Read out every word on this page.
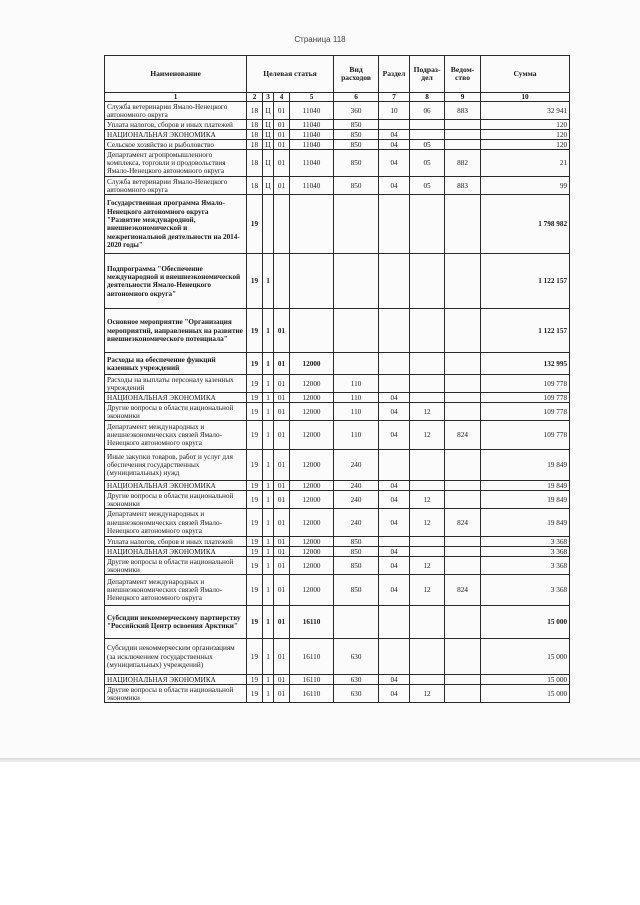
Страница 118
Наименование	Целевая статья				Вид расходов	Раздел	Подраз-дел	Ведом-ство	Сумма
1	2	3	4	5	6	7	8	9	10
Служба ветеринарии Ямало-Ненецкого автономного округа	18	Ц	01	11040	360	10	06	883	32 941
Уплата налогов, сборов и иных платежей	18	Ц	01	11040	850				120
НАЦИОНАЛЬНАЯ ЭКОНОМИКА	18	Ц	01	11040	850	04			120
Сельское хозяйство и рыболовство	18	Ц	01	11040	850	04	05		120
Департамент агропромышленного комплекса, торговли и продовольствия Ямало-Ненецкого автономного округа	18	Ц	01	11040	850	04	05	882	21
Служба ветеринарии Ямало-Ненецкого автономного округа	18	Ц	01	11040	850	04	05	883	99
Государственная программа Ямало-Ненецкого автономного округа "Развитие международной, внешнеэкономической и межрегиональной деятельности на 2014-2020 годы"	19								1 798 982
Подпрограмма "Обеспечение международной и внешнеэкономической деятельности Ямало-Ненецкого автономного округа"	19	1							1 122 157
Основное мероприятие "Организация мероприятий, направленных на развитие внешнеэкономического потенциала"	19	1	01						1 122 157
Расходы на обеспечение функций казенных учреждений	19	1	01	12000					132 995
Расходы на выплаты персоналу казенных учреждений	19	1	01	12000	110				109 778
НАЦИОНАЛЬНАЯ ЭКОНОМИКА	19	1	01	12000	110	04			109 778
Другие вопросы в области национальной экономики	19	1	01	12000	110	04	12		109 778
Департамент международных и внешнеэкономических связей Ямало-Ненецкого автономного округа	19	1	01	12000	110	04	12	824	109 778
Иные закупки товаров, работ и услуг для обеспечения государственных (муниципальных) нужд	19	1	01	12000	240				19 849
НАЦИОНАЛЬНАЯ ЭКОНОМИКА	19	1	01	12000	240	04			19 849
Другие вопросы в области национальной экономики	19	1	01	12000	240	04	12		19 849
Департамент международных и внешнеэкономических связей Ямало-Ненецкого автономного округа	19	1	01	12000	240	04	12	824	19 849
Уплата налогов, сборов и иных платежей	19	1	01	12000	850				3 368
НАЦИОНАЛЬНАЯ ЭКОНОМИКА	19	1	01	12000	850	04			3 368
Другие вопросы в области национальной экономики	19	1	01	12000	850	04	12		3 368
Департамент международных и внешнеэкономических связей Ямало-Ненецкого автономного округа	19	1	01	12000	850	04	12	824	3 368
Субсидии некоммерческому партнерству "Российский Центр освоения Арктики"	19	1	01	16110					15 000
Субсидии некоммерческим организациям (за исключением государственных (муниципальных) учреждений)	19	1	01	16110	630				15 000
НАЦИОНАЛЬНАЯ ЭКОНОМИКА	19	1	01	16110	630	04			15 000
Другие вопросы в области национальной экономики	19	1	01	16110	630	04	12		15 000
